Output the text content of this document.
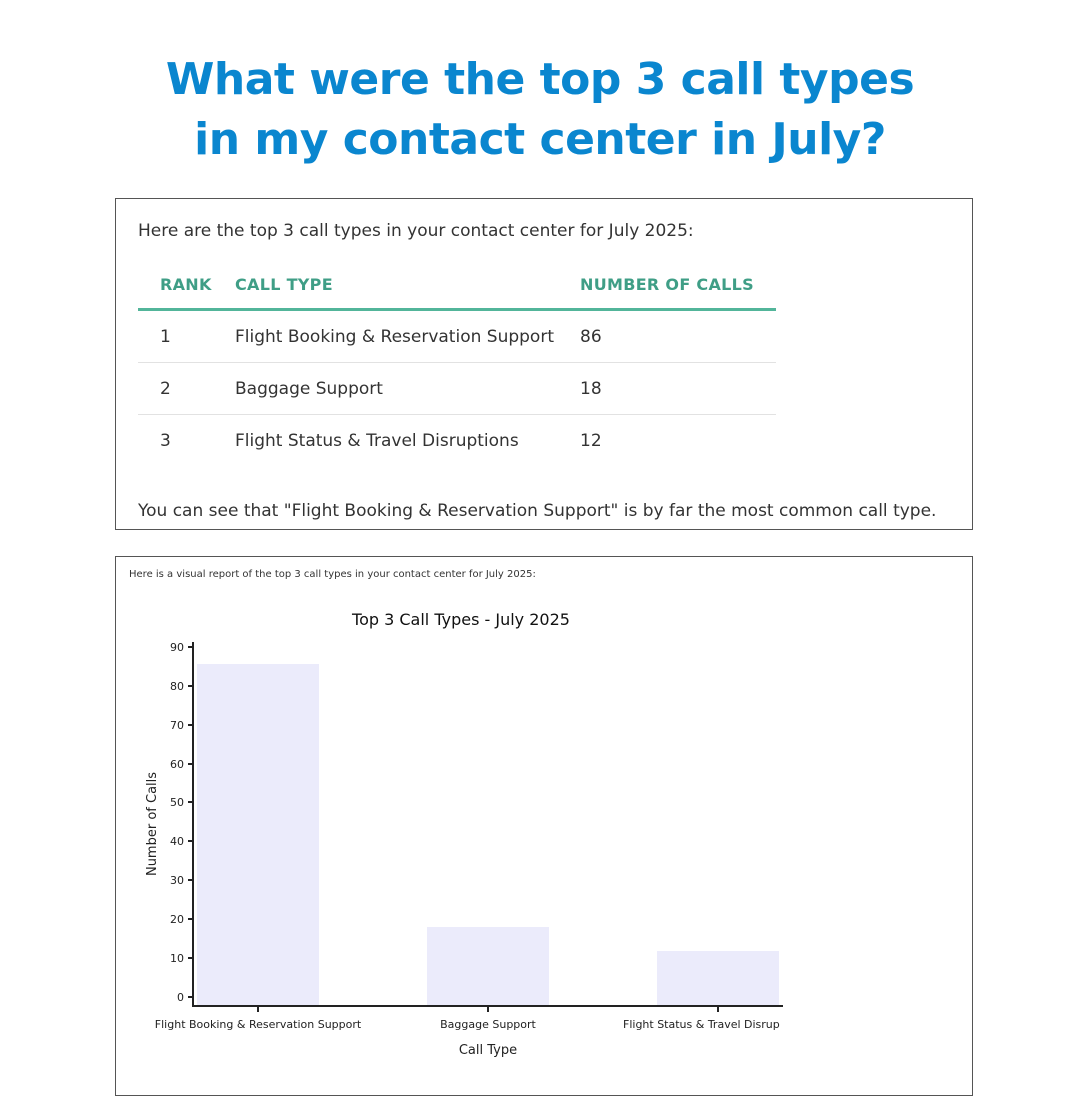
What were the top 3 call types
in my contact center in July?
Here are the top 3 call types in your contact center for July 2025:
RANK	CALL TYPE	NUMBER OF CALLS
1	Flight Booking & Reservation Support	86
2	Baggage Support	18
3	Flight Status & Travel Disruptions	12
You can see that "Flight Booking & Reservation Support" is by far the most common call type.
Here is a visual report of the top 3 call types in your contact center for July 2025:
Top 3 Call Types - July 2025
90
80
70
60
50
40
30
20
10
0
Flight Booking & Reservation Support	Baggage Support	Flight Status & Travel Disrup
Call Type
Number of Calls
